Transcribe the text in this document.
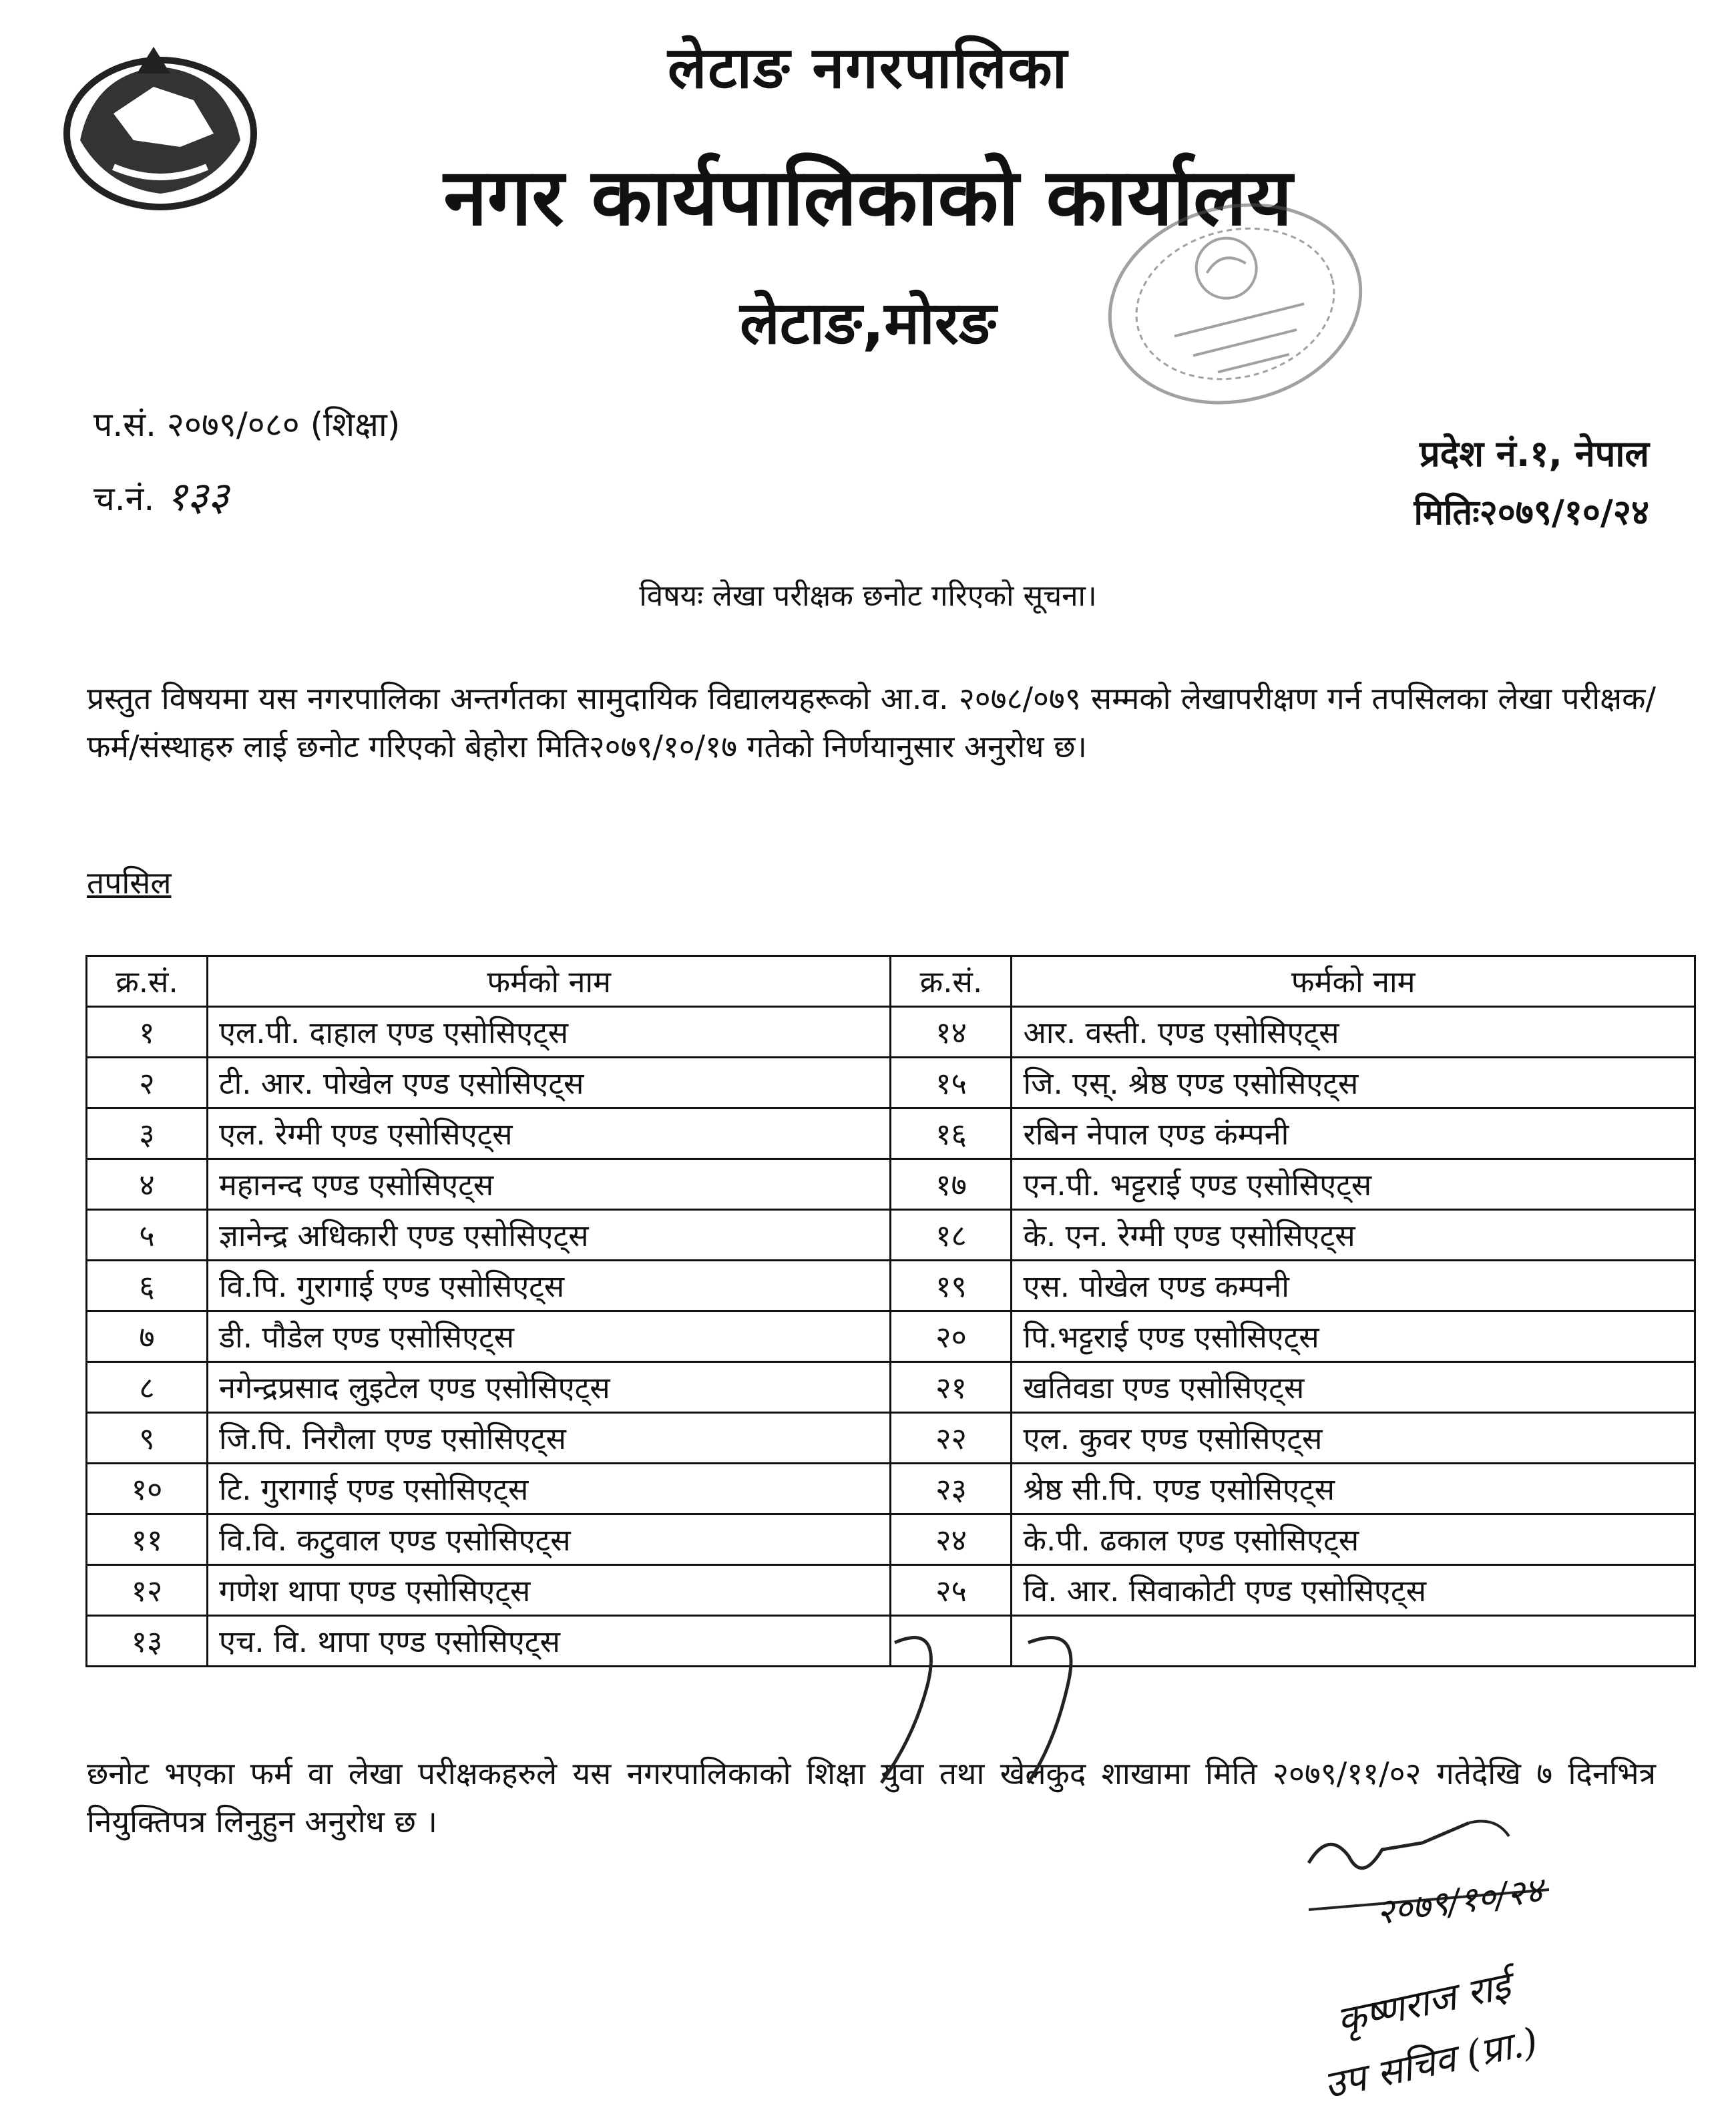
लेटाङ नगरपालिका
नगर कार्यपालिकाको कार्यालय
लेटाङ,मोरङ
प.सं. २०७९/०८० (शिक्षा)
च.नं. १३३
प्रदेश नं.१, नेपाल
मितिः२०७९/१०/२४
विषयः लेखा परीक्षक छनोट गरिएको सूचना।
प्रस्तुत विषयमा यस नगरपालिका अन्तर्गतका सामुदायिक विद्यालयहरूको आ.व. २०७८/०७९ सम्मको लेखापरीक्षण गर्न तपसिलका लेखा परीक्षक/फर्म/संस्थाहरु लाई छनोट गरिएको बेहोरा मिति२०७९/१०/१७ गतेको निर्णयानुसार अनुरोध छ।
तपसिल
क्र.सं.	फर्मको नाम	क्र.सं.	फर्मको नाम
१	एल.पी. दाहाल एण्ड एसोसिएट्स	१४	आर. वस्ती. एण्ड एसोसिएट्स
२	टी. आर. पोखेल एण्ड एसोसिएट्स	१५	जि. एस्. श्रेष्ठ एण्ड एसोसिएट्स
३	एल. रेग्मी एण्ड एसोसिएट्स	१६	रबिन नेपाल एण्ड कंम्पनी
४	महानन्द एण्ड एसोसिएट्स	१७	एन.पी. भट्टराई एण्ड एसोसिएट्स
५	ज्ञानेन्द्र अधिकारी एण्ड एसोसिएट्स	१८	के. एन. रेग्मी एण्ड एसोसिएट्स
६	वि.पि. गुरागाई एण्ड एसोसिएट्स	१९	एस. पोखेल एण्ड कम्पनी
७	डी. पौडेल एण्ड एसोसिएट्स	२०	पि.भट्टराई एण्ड एसोसिएट्स
८	नगेन्द्रप्रसाद लुइटेल एण्ड एसोसिएट्स	२१	खतिवडा एण्ड एसोसिएट्स
९	जि.पि. निरौला एण्ड एसोसिएट्स	२२	एल. कुवर एण्ड एसोसिएट्स
१०	टि. गुरागाई एण्ड एसोसिएट्स	२३	श्रेष्ठ सी.पि. एण्ड एसोसिएट्स
११	वि.वि. कटुवाल एण्ड एसोसिएट्स	२४	के.पी. ढकाल एण्ड एसोसिएट्स
१२	गणेश थापा एण्ड एसोसिएट्स	२५	वि. आर. सिवाकोटी एण्ड एसोसिएट्स
१३	एच. वि. थापा एण्ड एसोसिएट्स		
छनोट भएका फर्म वा लेखा परीक्षकहरुले यस नगरपालिकाको शिक्षा युवा तथा खेलकुद शाखामा मिति २०७९/११/०२ गतेदेखि ७ दिनभित्र नियुक्तिपत्र लिनुहुन अनुरोध छ ।
२०७९/१०/२४
कृष्णराज राई
उप सचिव (प्रा.)
